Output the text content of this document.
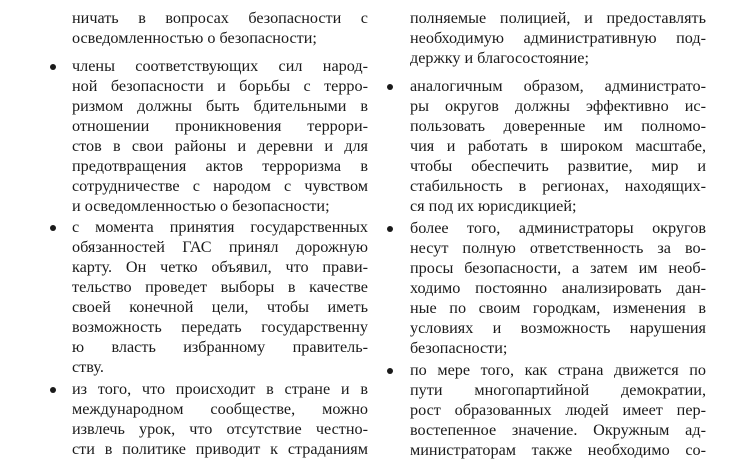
ничать в вопросах безопасности с
осведомленностью о безопасности;
члены соответствующих сил народ-
ной безопасности и борьбы с терро-
ризмом должны быть бдительными в
отношении проникновения террори-
стов в свои районы и деревни и для
предотвращения актов терроризма в
сотрудничестве с народом с чувством
и осведомленностью о безопасности;
с момента принятия государственных
обязанностей ГАС принял дорожную
карту. Он четко объявил, что прави-
тельство проведет выборы в качестве
своей конечной цели, чтобы иметь
возможность передать государственну
ю власть избранному правитель-
ству.
из того, что происходит в стране и в
международном сообществе, можно
извлечь урок, что отсутствие честно-
сти в политике приводит к страданиям
полняемые полицией, и предоставлять
необходимую административную под-
держку и благосостояние;
аналогичным образом, администрато-
ры округов должны эффективно ис-
пользовать доверенные им полномо-
чия и работать в широком масштабе,
чтобы обеспечить развитие, мир и
стабильность в регионах, находящих-
ся под их юрисдикцией;
более того, администраторы округов
несут полную ответственность за во-
просы безопасности, а затем им необ-
ходимо постоянно анализировать дан-
ные по своим городкам, изменения в
условиях и возможность нарушения
безопасности;
по мере того, как страна движется по
пути многопартийной демократии,
рост образованных людей имеет пер-
востепенное значение. Окружным ад-
министраторам также необходимо со-
